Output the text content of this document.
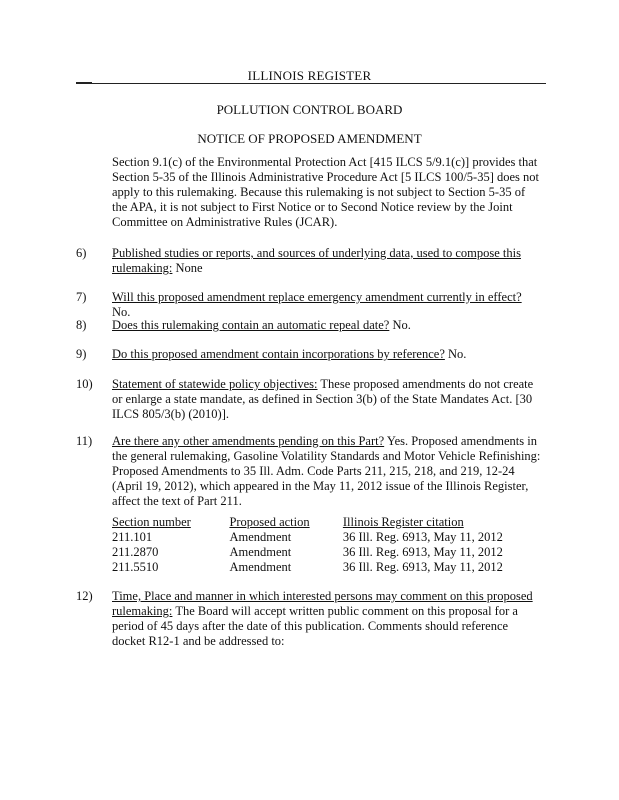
ILLINOIS REGISTER
POLLUTION CONTROL BOARD
NOTICE OF PROPOSED AMENDMENT
Section 9.1(c) of the Environmental Protection Act [415 ILCS 5/9.1(c)] provides that Section 5-35 of the Illinois Administrative Procedure Act [5 ILCS 100/5-35] does not apply to this rulemaking. Because this rulemaking is not subject to Section 5-35 of the APA, it is not subject to First Notice or to Second Notice review by the Joint Committee on Administrative Rules (JCAR).
6)	Published studies or reports, and sources of underlying data, used to compose this rulemaking: None
7)	Will this proposed amendment replace emergency amendment currently in effect? No.
8)	Does this rulemaking contain an automatic repeal date? No.
9)	Do this proposed amendment contain incorporations by reference? No.
10)	Statement of statewide policy objectives: These proposed amendments do not create or enlarge a state mandate, as defined in Section 3(b) of the State Mandates Act. [30 ILCS 805/3(b) (2010)].
11)	Are there any other amendments pending on this Part? Yes. Proposed amendments in the general rulemaking, Gasoline Volatility Standards and Motor Vehicle Refinishing: Proposed Amendments to 35 Ill. Adm. Code Parts 211, 215, 218, and 219, 12-24 (April 19, 2012), which appeared in the May 11, 2012 issue of the Illinois Register, affect the text of Part 211.
Section number	Proposed action	Illinois Register citation
211.101	Amendment	36 Ill. Reg. 6913, May 11, 2012
211.2870	Amendment	36 Ill. Reg. 6913, May 11, 2012
211.5510	Amendment	36 Ill. Reg. 6913, May 11, 2012
12)	Time, Place and manner in which interested persons may comment on this proposed rulemaking: The Board will accept written public comment on this proposal for a period of 45 days after the date of this publication. Comments should reference docket R12-1 and be addressed to:
